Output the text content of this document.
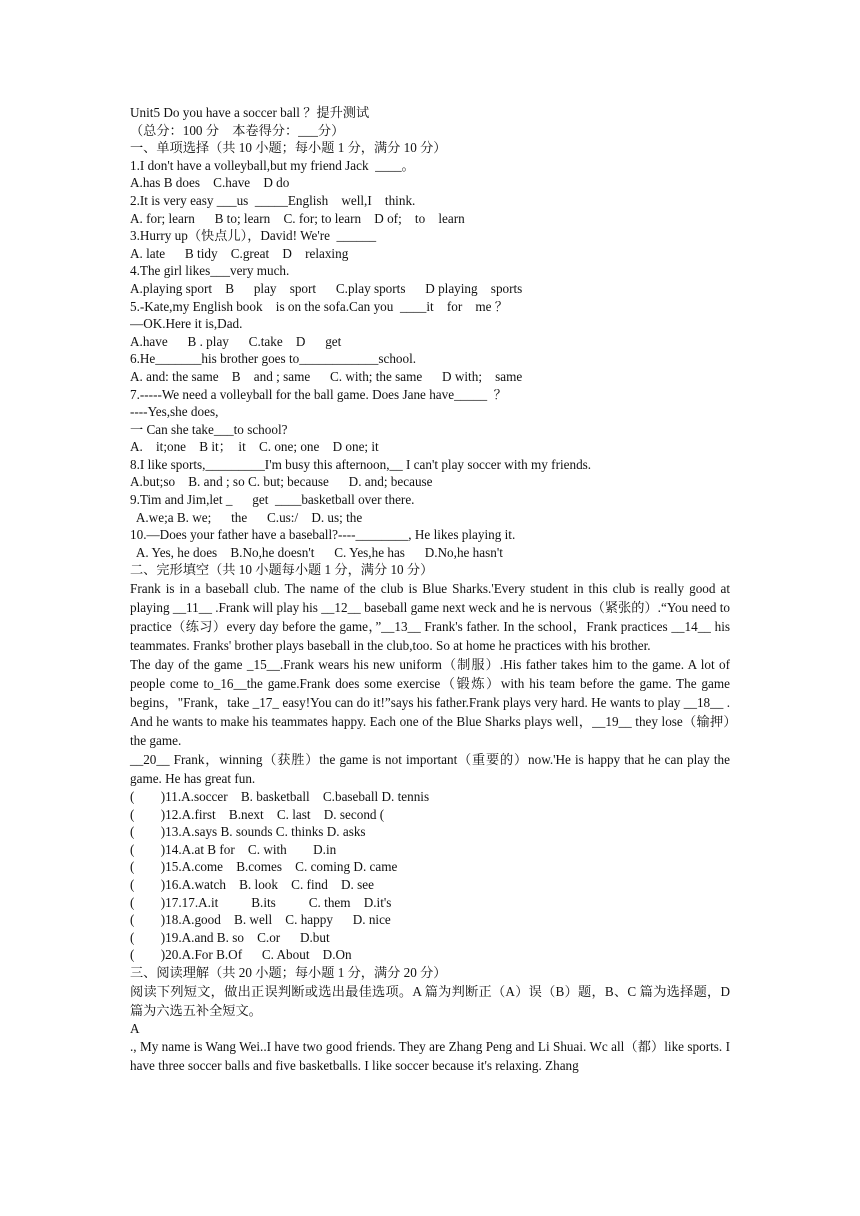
Unit5 Do you have a soccer ball ？提升测试
（总分：100 分    本卷得分：___分）
一、单项选择（共 10 小题；每小题 1 分，满分 10 分）
1.I don't have a volleyball,but my friend Jack  ____。
A.has B does    C.have    D do
2.It is very easy ___us  _____English    well,I    think.
A. for; learn      B to; learn    C. for; to learn    D of;    to    learn
3.Hurry up（快点儿），David! We're  ______
A. late      B tidy    C.great    D    relaxing
4.The girl likes___very much.
A.playing sport    B      play    sport      C.play sports      D playing    sports
5.-Kate,my English book    is on the sofa.Can you  ____it    for    me ？
—OK.Here it is,Dad.
A.have      B . play      C.take    D      get
6.He_______his brother goes to____________school.
A. and: the same    B    and ; same      C. with; the same      D with;    same
7.-----We need a volleyball for the ball game. Does Jane have_____  ？
----Yes,she does,
一 Can she take___to school?
A.    it;one    B it；  it    C. one; one    D one; it
8.I like sports,_________I'm busy this afternoon,__ I can't play soccer with my friends.
A.but;so    B. and ; so C. but; because      D. and; because
9.Tim and Jim,let _      get  ____basketball over there.
A.we;a B. we;      the      C.us:/    D. us; the
10.—Does your father have a baseball?----________, He likes playing it.
A. Yes, he does    B.No,he doesn't      C. Yes,he has      D.No,he hasn't
二、完形填空（共 10 小题每小题 1 分，满分 10 分）
Frank is in a baseball club. The name of the club is Blue Sharks.'Every student in this club is really good at playing __11__ .Frank will play his __12__ baseball game next weck and he is nervous（紧张的）.“You need to practice（练习）every day before the game，”__13__ Frank's father. In the school，Frank practices __14__ his teammates. Franks' brother plays baseball in the club,too. So at home he practices with his brother.
The day of the game _15__.Frank wears his new uniform（制服）.His father takes him to the game. A lot of people come to_16__the game.Frank does some exercise（锻炼）with his team before the game. The game begins，"Frank，take _17_ easy!You can do it!”says his father.Frank plays very hard. He wants to play __18__ . And he wants to make his teammates happy. Each one of the Blue Sharks plays well，__19__ they lose（输押）the game.
__20__ Frank，winning（获胜）the game is not important（重要的）now.'He is happy that he can play the game. He has great fun.
(        )11.A.soccer    B. basketball    C.baseball D. tennis
(        )12.A.first    B.next    C. last    D. second (
(        )13.A.says B. sounds C. thinks D. asks
(        )14.A.at B for    C. with        D.in
(        )15.A.come    B.comes    C. coming D. came
(        )16.A.watch    B. look    C. find    D. see
(        )17.17.A.it          B.its          C. them    D.it's
(        )18.A.good    B. well    C. happy      D. nice
(        )19.A.and B. so    C.or      D.but
(        )20.A.For B.Of      C. About    D.On
三、阅读理解（共 20 小题；每小题 1 分，满分 20 分）
阅读下列短文，做出正误判断或选出最佳选项。A 篇为判断正（A）误（B）题，B、C 篇为选择题，D 篇为六选五补全短文。
A
., My name is Wang Wei..I have two good friends. They are Zhang Peng and Li Shuai. Wc all（都）like sports. I have three soccer balls and five basketballs. I like soccer because it's relaxing. Zhang
